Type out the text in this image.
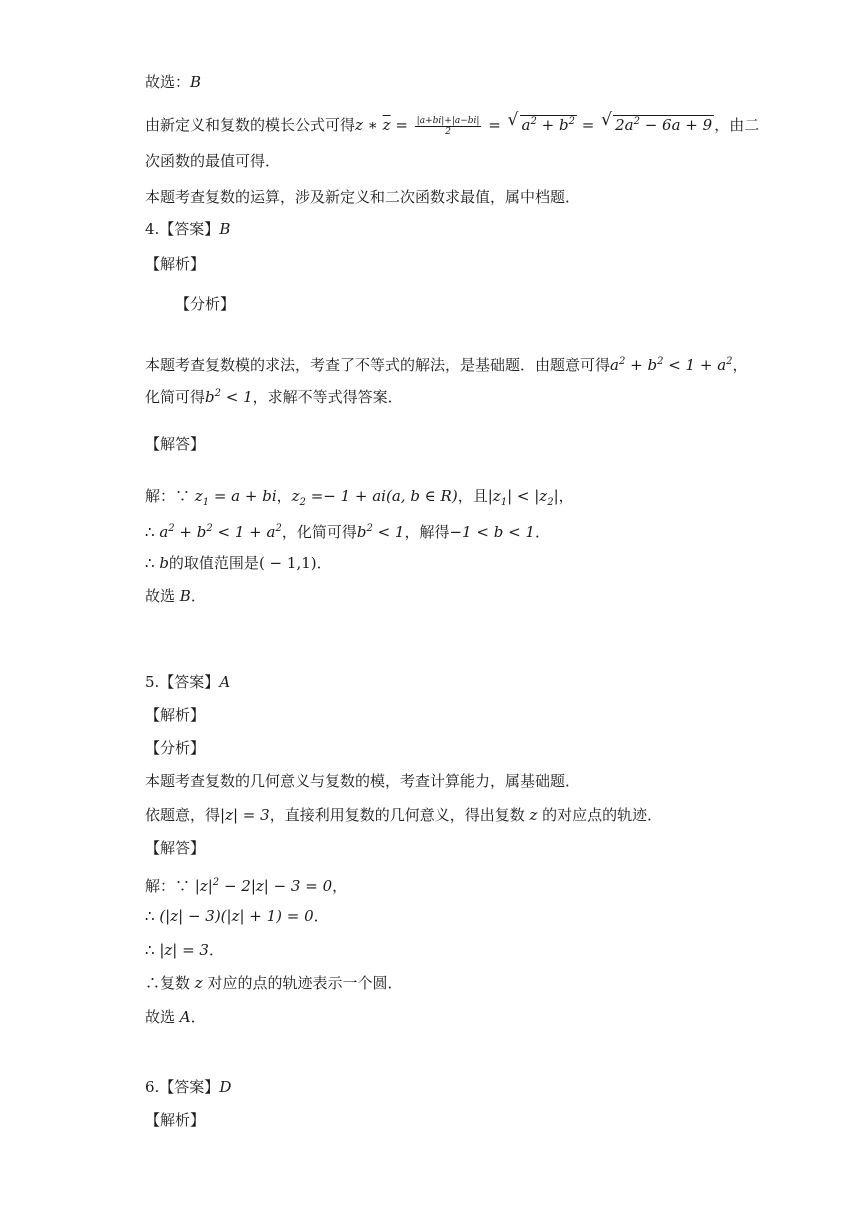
故选：B
由新定义和复数的模长公式可得z ∗ $\overline{z} = \frac{|a+bi|+|a-bi|}{2}$ = √ $a^2 + b^2$ = √ $2a^2 - 6a + 9$ ，由二
次函数的最值可得．
本题考查复数的运算，涉及新定义和二次函数求最值，属中档题．
4.【答案】B
【解析】
【分析】
本题考查复数模的求法，考查了不等式的解法，是基础题．由题意可得$a^2 + b^2 < 1 + a^2$，
化简可得$b^2 < 1$，求解不等式得答案．
【解答】
解：∵ $z_1 = a$ + bi，$z_2 =- 1 + ai(a$, b ∈ R)，且$|z_1| < |z_2|$，
∴ $a^2 + b^2 < 1 + a^2$，化简可得$b^2 < 1$，解得−1 < b < 1．
∴ b的取值范围是( − 1,1)．
故选 B．
5.【答案】A
【解析】
【分析】
本题考查复数的几何意义与复数的模，考查计算能力，属基础题．
依题意，得|z| = 3，直接利用复数的几何意义，得出复数 z 的对应点的轨迹．
【解答】
解：∵ $|z|^2 - 2|z| - 3 = 0$，
∴ (|z| − 3)(|z| + 1) = 0．
∴ |z| = 3．
∴复数 z 对应的点的轨迹表示一个圆．
故选 A．
6.【答案】D
【解析】
